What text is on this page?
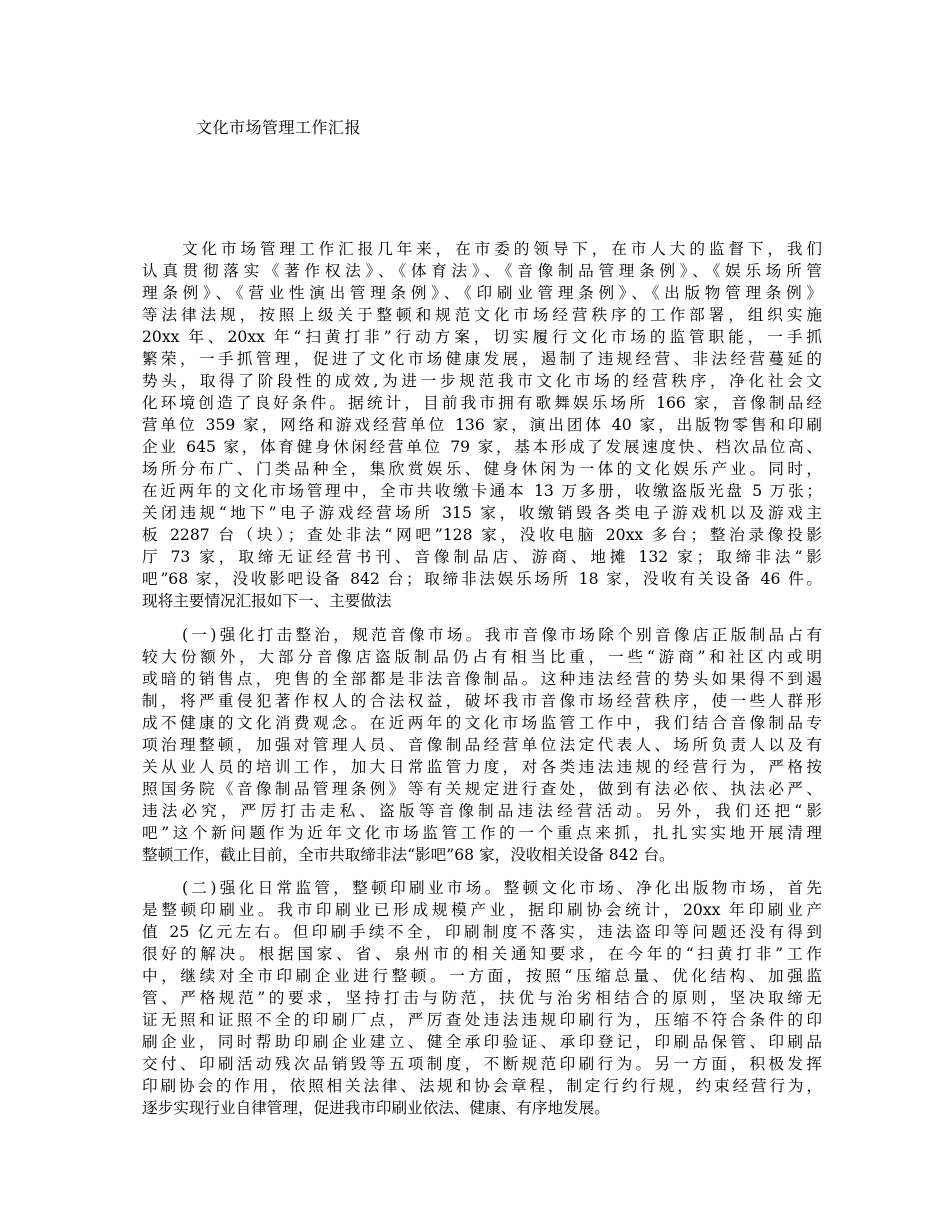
文化市场管理工作汇报
文化市场管理工作汇报几年来，在市委的领导下，在市人大的监督下，我们
认真贯彻落实《著作权法》、《体育法》、《音像制品管理条例》、《娱乐场所管
理条例》、《营业性演出管理条例》、《印刷业管理条例》、《出版物管理条例》
等法律法规，按照上级关于整顿和规范文化市场经营秩序的工作部署，组织实施
20xx 年、20xx 年“扫黄打非”行动方案，切实履行文化市场的监管职能，一手抓
繁荣，一手抓管理，促进了文化市场健康发展，遏制了违规经营、非法经营蔓延的
势头，取得了阶段性的成效,为进一步规范我市文化市场的经营秩序，净化社会文
化环境创造了良好条件。据统计，目前我市拥有歌舞娱乐场所 166 家，音像制品经
营单位 359 家，网络和游戏经营单位 136 家，演出团体 40 家，出版物零售和印刷
企业 645 家，体育健身休闲经营单位 79 家，基本形成了发展速度快、档次品位高、
场所分布广、门类品种全，集欣赏娱乐、健身休闲为一体的文化娱乐产业。同时，
在近两年的文化市场管理中，全市共收缴卡通本 13 万多册，收缴盗版光盘 5 万张；
关闭违规“地下”电子游戏经营场所 315 家，收缴销毁各类电子游戏机以及游戏主
板 2287 台（块）；查处非法“网吧”128 家，没收电脑 20xx 多台；整治录像投影
厅 73 家，取缔无证经营书刊、音像制品店、游商、地摊 132 家；取缔非法“影
吧”68 家，没收影吧设备 842 台；取缔非法娱乐场所 18 家，没收有关设备 46 件。
现将主要情况汇报如下一、主要做法
(一)强化打击整治，规范音像市场。我市音像市场除个别音像店正版制品占有
较大份额外，大部分音像店盗版制品仍占有相当比重，一些“游商”和社区内或明
或暗的销售点，兜售的全部都是非法音像制品。这种违法经营的势头如果得不到遏
制，将严重侵犯著作权人的合法权益，破坏我市音像市场经营秩序，使一些人群形
成不健康的文化消费观念。在近两年的文化市场监管工作中，我们结合音像制品专
项治理整顿，加强对管理人员、音像制品经营单位法定代表人、场所负责人以及有
关从业人员的培训工作，加大日常监管力度，对各类违法违规的经营行为，严格按
照国务院《音像制品管理条例》等有关规定进行查处，做到有法必依、执法必严、
违法必究，严厉打击走私、盗版等音像制品违法经营活动。另外，我们还把“影
吧”这个新问题作为近年文化市场监管工作的一个重点来抓，扎扎实实地开展清理
整顿工作，截止目前，全市共取缔非法“影吧”68 家，没收相关设备 842 台。
(二)强化日常监管，整顿印刷业市场。整顿文化市场、净化出版物市场，首先
是整顿印刷业。我市印刷业已形成规模产业，据印刷协会统计，20xx 年印刷业产
值 25 亿元左右。但印刷手续不全，印刷制度不落实，违法盗印等问题还没有得到
很好的解决。根据国家、省、泉州市的相关通知要求，在今年的“扫黄打非”工作
中，继续对全市印刷企业进行整顿。一方面，按照“压缩总量、优化结构、加强监
管、严格规范”的要求，坚持打击与防范，扶优与治劣相结合的原则，坚决取缔无
证无照和证照不全的印刷厂点，严厉查处违法违规印刷行为，压缩不符合条件的印
刷企业，同时帮助印刷企业建立、健全承印验证、承印登记，印刷品保管、印刷品
交付、印刷活动残次品销毁等五项制度，不断规范印刷行为。另一方面，积极发挥
印刷协会的作用，依照相关法律、法规和协会章程，制定行约行规，约束经营行为，
逐步实现行业自律管理，促进我市印刷业依法、健康、有序地发展。
